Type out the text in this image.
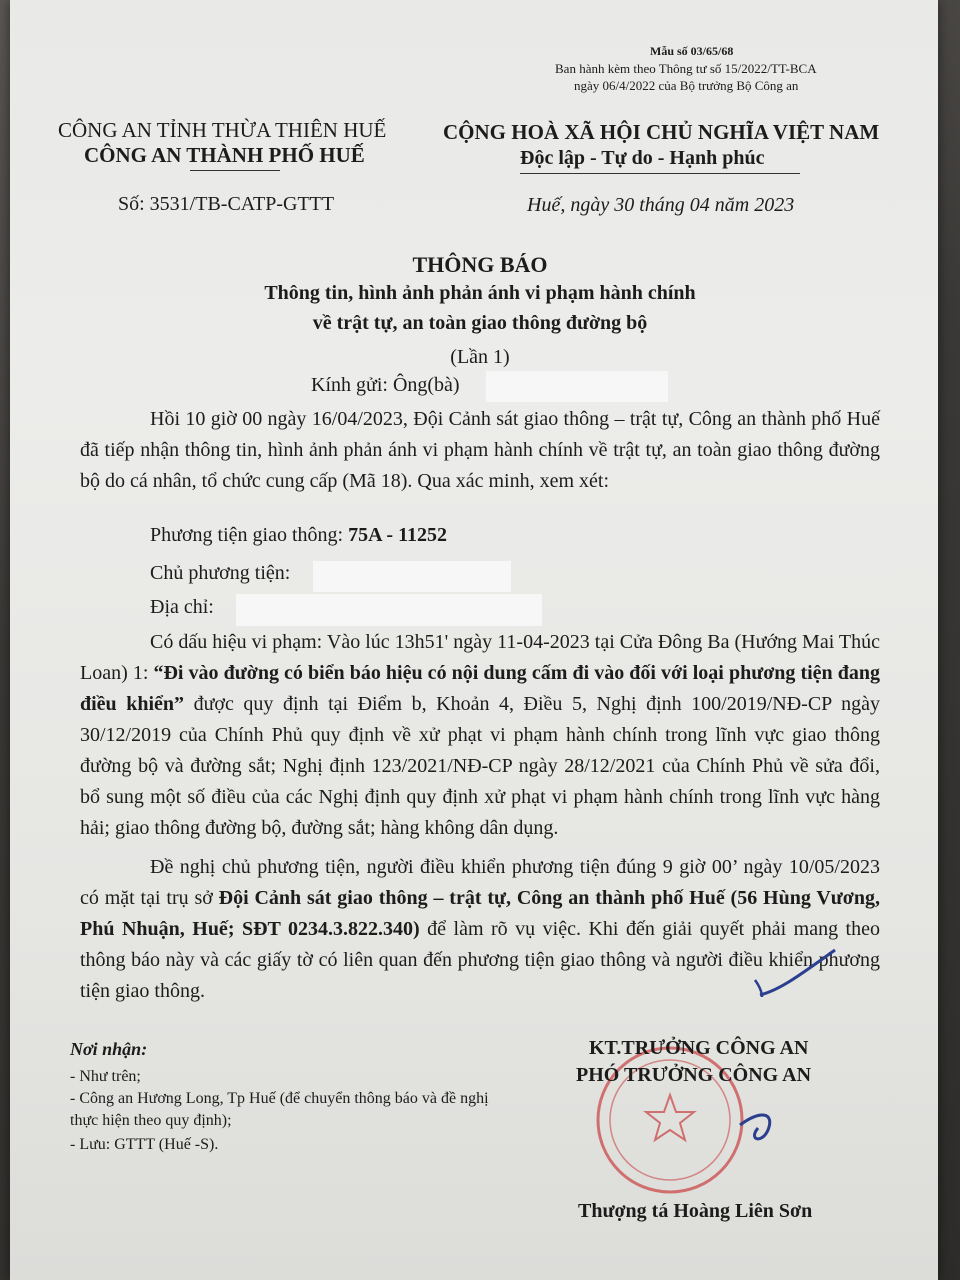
Mẫu số 03/65/68
Ban hành kèm theo Thông tư số 15/2022/TT-BCA
ngày 06/4/2022 của Bộ trưởng Bộ Công an
CÔNG AN TỈNH THỪA THIÊN HUẾ
CÔNG AN THÀNH PHỐ HUẾ
CỘNG HOÀ XÃ HỘI CHỦ NGHĨA VIỆT NAM
Độc lập - Tự do - Hạnh phúc
Số: 3531/TB-CATP-GTTT	Huế, ngày 30 tháng 04 năm 2023
THÔNG BÁO
Thông tin, hình ảnh phản ánh vi phạm hành chính
về trật tự, an toàn giao thông đường bộ
(Lần 1)
Kính gửi: Ông(bà)
Hồi 10 giờ 00 ngày 16/04/2023, Đội Cảnh sát giao thông – trật tự, Công an thành phố Huế đã tiếp nhận thông tin, hình ảnh phản ánh vi phạm hành chính về trật tự, an toàn giao thông đường bộ do cá nhân, tổ chức cung cấp (Mã 18). Qua xác minh, xem xét:
Phương tiện giao thông: 75A - 11252
Chủ phương tiện:
Địa chỉ:
Có dấu hiệu vi phạm: Vào lúc 13h51' ngày 11-04-2023 tại Cửa Đông Ba (Hướng Mai Thúc Loan) 1: “Đi vào đường có biển báo hiệu có nội dung cấm đi vào đối với loại phương tiện đang điều khiển” được quy định tại Điểm b, Khoản 4, Điều 5, Nghị định 100/2019/NĐ-CP ngày 30/12/2019 của Chính Phủ quy định về xử phạt vi phạm hành chính trong lĩnh vực giao thông đường bộ và đường sắt; Nghị định 123/2021/NĐ-CP ngày 28/12/2021 của Chính Phủ về sửa đổi, bổ sung một số điều của các Nghị định quy định xử phạt vi phạm hành chính trong lĩnh vực hàng hải; giao thông đường bộ, đường sắt; hàng không dân dụng.
Đề nghị chủ phương tiện, người điều khiển phương tiện đúng 9 giờ 00’ ngày 10/05/2023 có mặt tại trụ sở Đội Cảnh sát giao thông – trật tự, Công an thành phố Huế (56 Hùng Vương, Phú Nhuận, Huế; SĐT 0234.3.822.340) để làm rõ vụ việc. Khi đến giải quyết phải mang theo thông báo này và các giấy tờ có liên quan đến phương tiện giao thông và người điều khiển phương tiện giao thông.
Nơi nhận:
- Như trên;
- Công an Hương Long, Tp Huế (để chuyển thông báo và đề nghị thực hiện theo quy định);
- Lưu: GTTT (Huế -S).
KT.TRƯỞNG CÔNG AN
PHÓ TRƯỞNG CÔNG AN
Thượng tá Hoàng Liên Sơn
